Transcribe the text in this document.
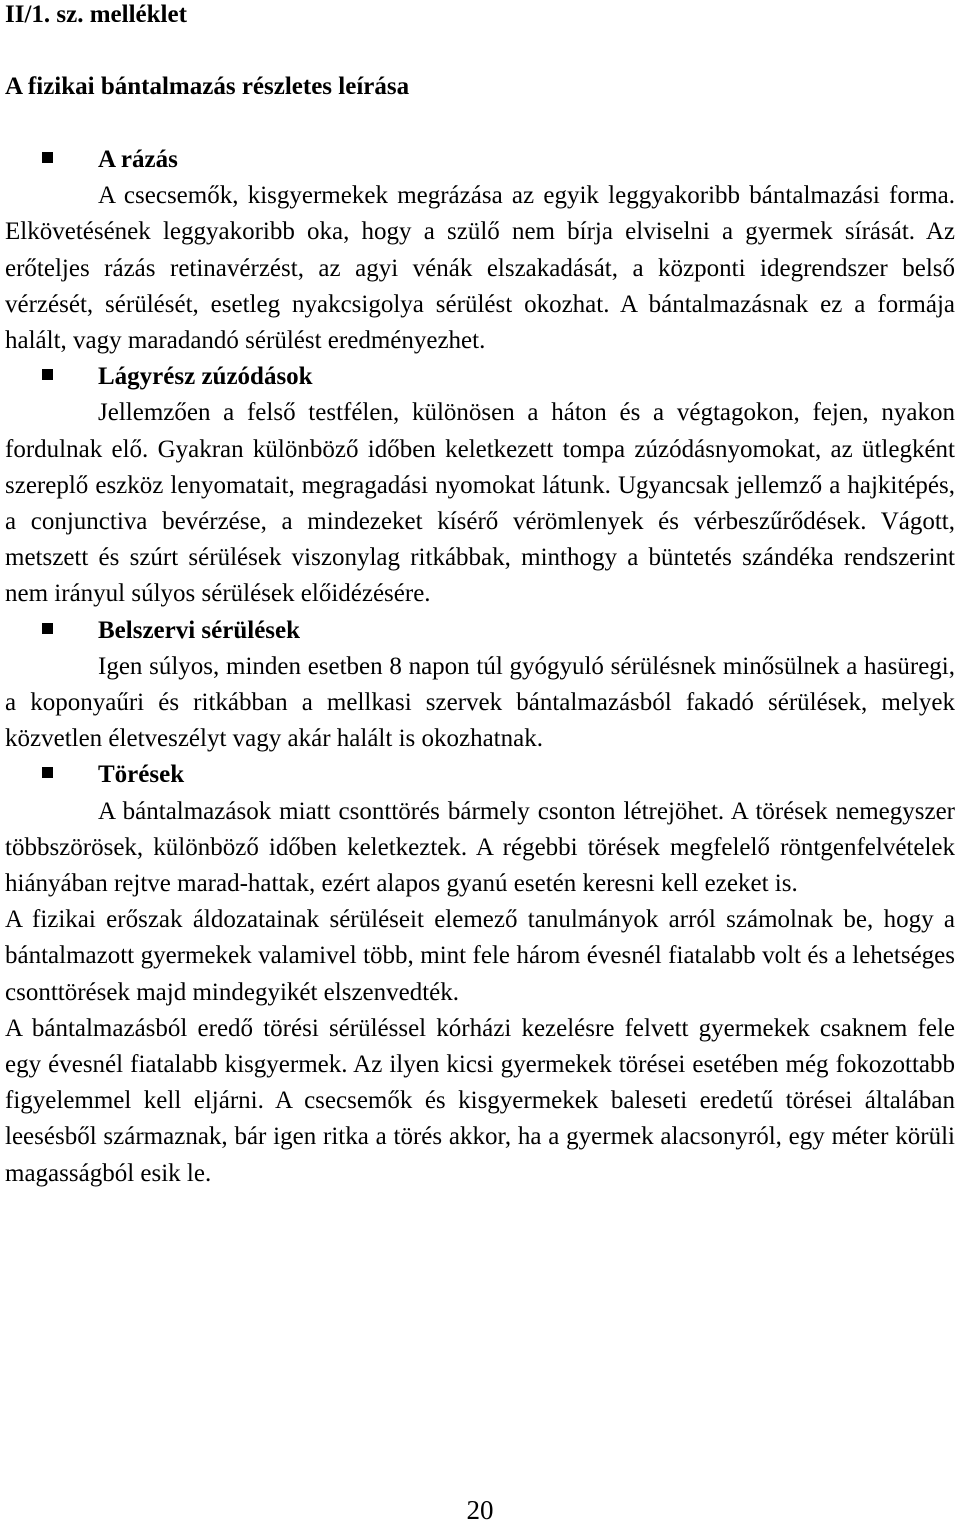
II/1. sz. melléklet

A fizikai bántalmazás részletes leírása

A rázás

A csecsemők, kisgyermekek megrázása az egyik leggyakoribb bántalmazási forma. Elkövetésének leggyakoribb oka, hogy a szülő nem bírja elviselni a gyermek sírását. Az erőteljes rázás retinavérzést, az agyi vénák elszakadását, a központi idegrendszer belső vérzését, sérülését, esetleg nyakcsigolya sérülést okozhat. A bántalmazásnak ez a formája halált, vagy maradandó sérülést eredményezhet.

Lágyrész zúzódások

Jellemzően a felső testfélen, különösen a háton és a végtagokon, fejen, nyakon fordulnak elő. Gyakran különböző időben keletkezett tompa zúzódásnyomokat, az ütlegként szereplő eszköz lenyomatait, megragadási nyomokat látunk. Ugyancsak jellemző a hajkitépés, a conjunctiva bevérzése, a mindezeket kísérő vérömlenyek és vérbeszűrődések. Vágott, metszett és szúrt sérülések viszonylag ritkábbak, minthogy a büntetés szándéka rendszerint nem irányul súlyos sérülések előidézésére.

Belszervi sérülések

Igen súlyos, minden esetben 8 napon túl gyógyuló sérülésnek minősülnek a hasüregi, a koponyaűri és ritkábban a mellkasi szervek bántalmazásból fakadó sérülések, melyek közvetlen életveszélyt vagy akár halált is okozhatnak.

Törések

A bántalmazások miatt csonttörés bármely csonton létrejöhet. A törések nemegyszer többszörösek, különböző időben keletkeztek. A régebbi törések megfelelő röntgenfelvételek hiányában rejtve marad-hattak, ezért alapos gyanú esetén keresni kell ezeket is.

A fizikai erőszak áldozatainak sérüléseit elemező tanulmányok arról számolnak be, hogy a bántalmazott gyermekek valamivel több, mint fele három évesnél fiatalabb volt és a lehetséges csonttörések majd mindegyikét elszenvedték.

A bántalmazásból eredő törési sérüléssel kórházi kezelésre felvett gyermekek csaknem fele egy évesnél fiatalabb kisgyermek. Az ilyen kicsi gyermekek törései esetében még fokozottabb figyelemmel kell eljárni. A csecsemők és kisgyermekek baleseti eredetű törései általában leesésből származnak, bár igen ritka a törés akkor, ha a gyermek alacsonyról, egy méter körüli magasságból esik le.

20
